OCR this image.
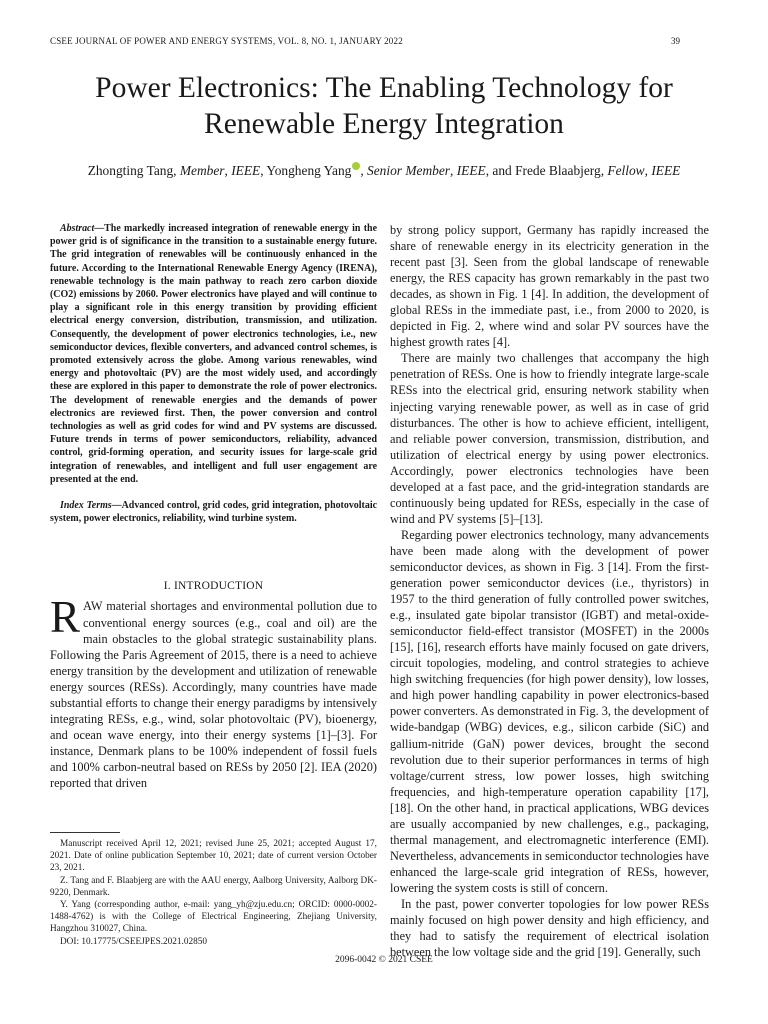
CSEE JOURNAL OF POWER AND ENERGY SYSTEMS, VOL. 8, NO. 1, JANUARY 2022	39
Power Electronics: The Enabling Technology for
Renewable Energy Integration
Zhongting Tang, Member, IEEE, Yongheng Yang , Senior Member, IEEE, and Frede Blaabjerg, Fellow, IEEE

Abstract—The markedly increased integration of renewable energy in the power grid is of significance in the transition to a sustainable energy future. The grid integration of renewables will be continuously enhanced in the future. According to the International Renewable Energy Agency (IRENA), renewable technology is the main pathway to reach zero carbon dioxide (CO2) emissions by 2060. Power electronics have played and will continue to play a significant role in this energy transition by providing efficient electrical energy conversion, distribution, transmission, and utilization. Consequently, the development of power electronics technologies, i.e., new semiconductor devices, flexible converters, and advanced control schemes, is promoted extensively across the globe. Among various renewables, wind energy and photovoltaic (PV) are the most widely used, and accordingly these are explored in this paper to demonstrate the role of power electronics. The development of renewable energies and the demands of power electronics are reviewed first. Then, the power conversion and control technologies as well as grid codes for wind and PV systems are discussed. Future trends in terms of power semiconductors, reliability, advanced control, grid-forming operation, and security issues for large-scale grid integration of renewables, and intelligent and full user engagement are presented at the end.

Index Terms—Advanced control, grid codes, grid integration, photovoltaic system, power electronics, reliability, wind turbine system.

I. INTRODUCTION

RAW material shortages and environmental pollution due to conventional energy sources (e.g., coal and oil) are the main obstacles to the global strategic sustainability plans. Following the Paris Agreement of 2015, there is a need to achieve energy transition by the development and utilization of renewable energy sources (RESs). Accordingly, many countries have made substantial efforts to change their energy paradigms by intensively integrating RESs, e.g., wind, solar photovoltaic (PV), bioenergy, and ocean wave energy, into their energy systems [1]–[3]. For instance, Denmark plans to be 100% independent of fossil fuels and 100% carbon-neutral based on RESs by 2050 [2]. IEA (2020) reported that driven

Manuscript received April 12, 2021; revised June 25, 2021; accepted August 17, 2021. Date of online publication September 10, 2021; date of current version October 23, 2021.

Z. Tang and F. Blaabjerg are with the AAU energy, Aalborg University, Aalborg DK-9220, Denmark.

Y. Yang (corresponding author, e-mail: yang_yh@zju.edu.cn; ORCID: 0000-0002-1488-4762) is with the College of Electrical Engineering, Zhejiang University, Hangzhou 310027, China.

DOI: 10.17775/CSEEJPES.2021.02850

by strong policy support, Germany has rapidly increased the share of renewable energy in its electricity generation in the recent past [3]. Seen from the global landscape of renewable energy, the RES capacity has grown remarkably in the past two decades, as shown in Fig. 1 [4]. In addition, the development of global RESs in the immediate past, i.e., from 2000 to 2020, is depicted in Fig. 2, where wind and solar PV sources have the highest growth rates [4].

There are mainly two challenges that accompany the high penetration of RESs. One is how to friendly integrate large-scale RESs into the electrical grid, ensuring network stability when injecting varying renewable power, as well as in case of grid disturbances. The other is how to achieve efficient, intelligent, and reliable power conversion, transmission, distribution, and utilization of electrical energy by using power electronics. Accordingly, power electronics technologies have been developed at a fast pace, and the grid-integration standards are continuously being updated for RESs, especially in the case of wind and PV systems [5]–[13].

Regarding power electronics technology, many advancements have been made along with the development of power semiconductor devices, as shown in Fig. 3 [14]. From the first-generation power semiconductor devices (i.e., thyristors) in 1957 to the third generation of fully controlled power switches, e.g., insulated gate bipolar transistor (IGBT) and metal-oxide-semiconductor field-effect transistor (MOSFET) in the 2000s [15], [16], research efforts have mainly focused on gate drivers, circuit topologies, modeling, and control strategies to achieve high switching frequencies (for high power density), low losses, and high power handling capability in power electronics-based power converters. As demonstrated in Fig. 3, the development of wide-bandgap (WBG) devices, e.g., silicon carbide (SiC) and gallium-nitride (GaN) power devices, brought the second revolution due to their superior performances in terms of high voltage/current stress, low power losses, high switching frequencies, and high-temperature operation capability [17], [18]. On the other hand, in practical applications, WBG devices are usually accompanied by new challenges, e.g., packaging, thermal management, and electromagnetic interference (EMI). Nevertheless, advancements in semiconductor technologies have enhanced the large-scale grid integration of RESs, however, lowering the system costs is still of concern.

In the past, power converter topologies for low power RESs mainly focused on high power density and high efficiency, and they had to satisfy the requirement of electrical isolation between the low voltage side and the grid [19]. Generally, such

2096-0042 © 2021 CSEE
